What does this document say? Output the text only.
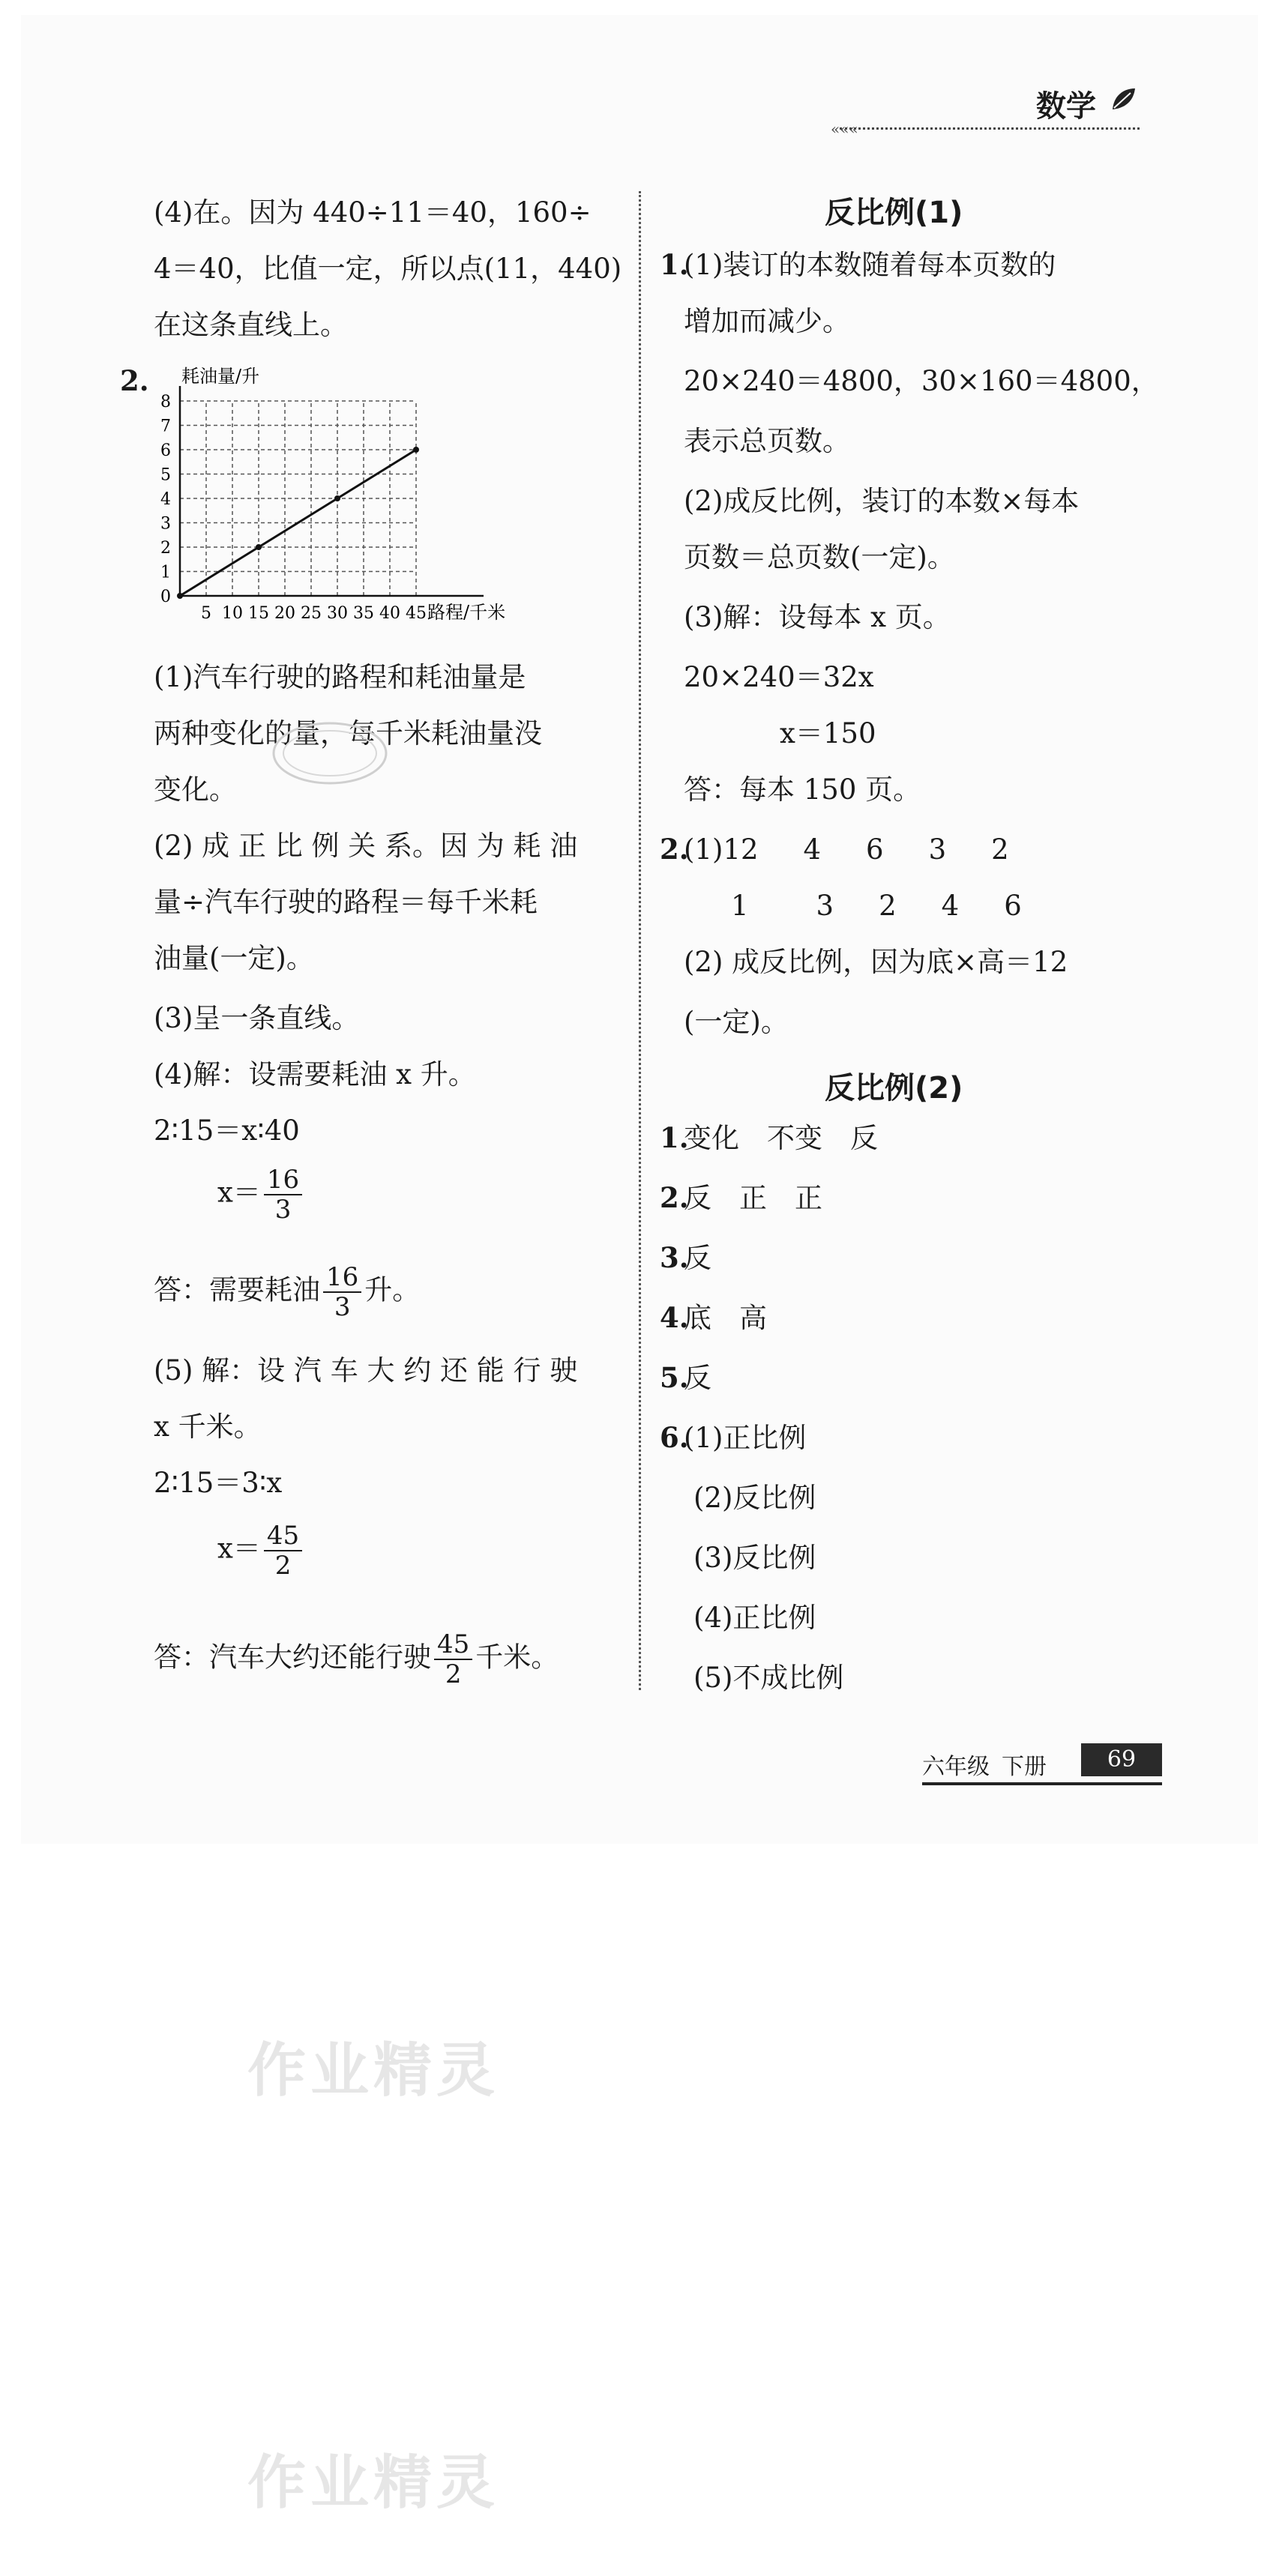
数学
«««
(4)在。因为 440÷11＝40，160÷
4＝40，比值一定，所以点(11，440)
在这条直线上。
2. 耗油量/升
路程/千米
5 10 15 20 25 30 35 40 45
0
1
2
3
4
5
6
7
8
(1)汽车行驶的路程和耗油量是
两种变化的量，每千米耗油量没
变化。
(2) 成 正 比 例 关 系。因 为 耗 油
量÷汽车行驶的路程＝每千米耗
油量(一定)。
(3)呈一条直线。
(4)解：设需要耗油 x 升。
2∶15＝x∶40
$x= \frac{16}{3}$
答：需要耗油 $\frac{16}{3}$ 升。
(5) 解：设 汽 车 大 约 还 能 行 驶
x 千米。
2∶15＝3∶x
$x= \frac{45}{2}$
答：汽车大约还能行驶 $\frac{45}{2}$ 千米。
反比例(1)
1.
(1)装订的本数随着每本页数的
增加而减少。
20×240＝4800，30×160＝4800，
表示总页数。
(2)成反比例，装订的本数×每本
页数＝总页数(一定)。
(3)解：设每本 x 页。
20×240＝32x
x＝150
答：每本 150 页。
2.
(1)12 4 6 3 2
1 3 2 4 6
(2) 成反比例，因为底×高＝12
(一定)。
反比例(2)
1.
变化　不变　反
2.
反　正　正
3.
反
4.
底　高
5.
反
6.
(1)正比例
(2)反比例
(3)反比例
(4)正比例
(5)不成比例
六年级 下册	69
作业精灵
作业精灵
